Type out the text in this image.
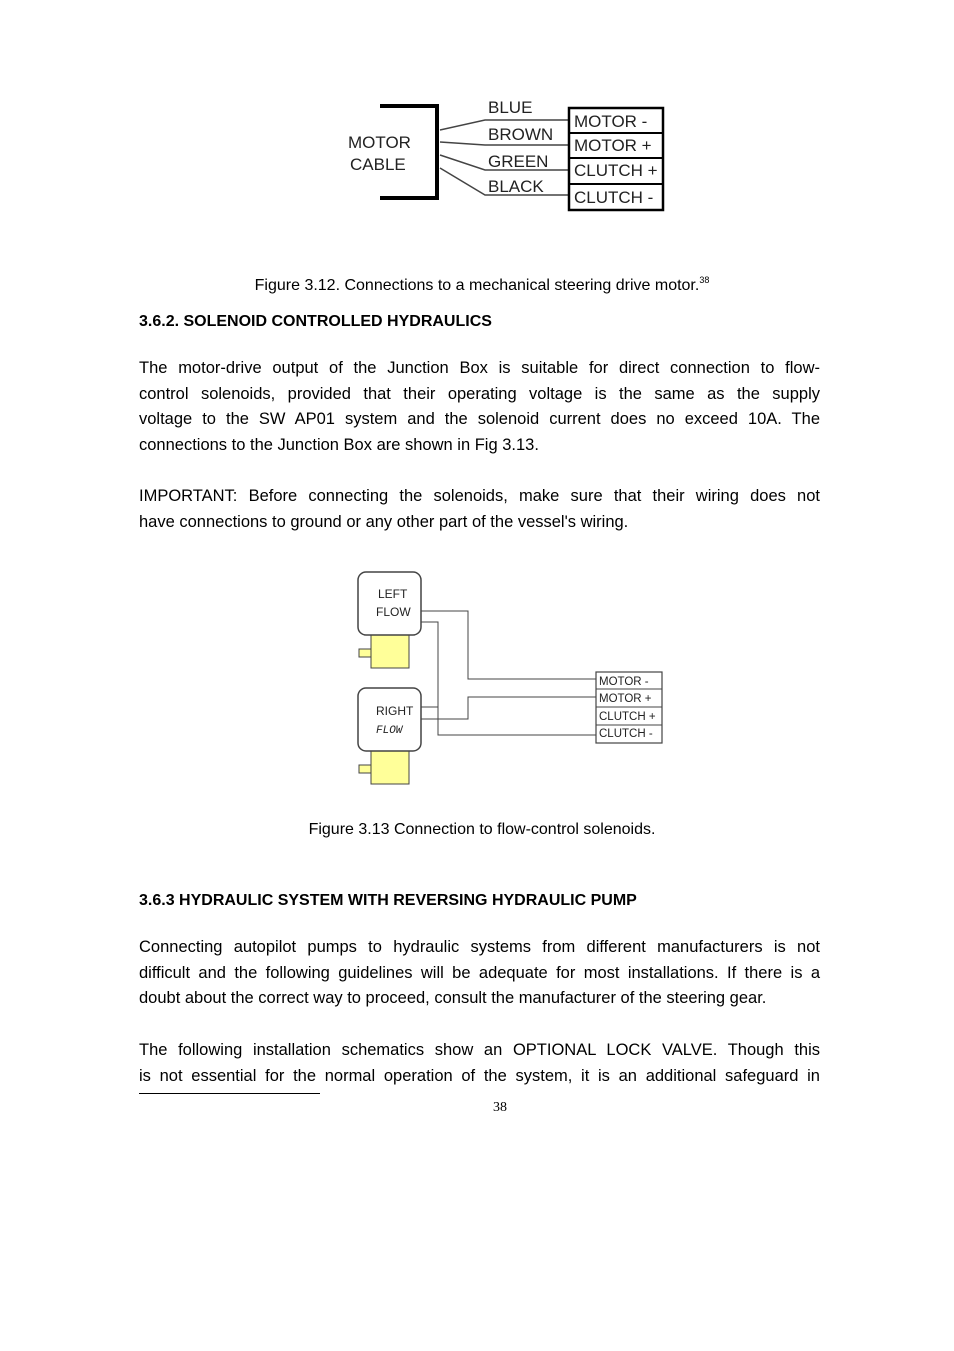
MOTOR
CABLE
BLUE
BROWN
GREEN
BLACK
MOTOR -
MOTOR +
CLUTCH +
CLUTCH -
Figure 3.12. Connections to a mechanical steering drive motor.$^{38}$
3.6.2. SOLENOID CONTROLLED HYDRAULICS
The motor-drive output of the Junction Box is suitable for direct connection to flow-
control solenoids, provided that their operating voltage is the same as the supply
voltage to the SW AP01 system and the solenoid current does no exceed 10A. The
connections to the Junction Box are shown in Fig 3.13.
IMPORTANT: Before connecting the solenoids, make sure that their wiring does not
have connections to ground or any other part of the vessel's wiring.
LEFT
FLOW
RIGHT
FLOW
MOTOR -
MOTOR +
CLUTCH +
CLUTCH -
Figure 3.13 Connection to flow-control solenoids.
3.6.3 HYDRAULIC SYSTEM WITH REVERSING HYDRAULIC PUMP
Connecting autopilot pumps to hydraulic systems from different manufacturers is not
difficult and the following guidelines will be adequate for most installations. If there is a
doubt about the correct way to proceed, consult the manufacturer of the steering gear.
The following installation schematics show an OPTIONAL LOCK VALVE. Though this
is not essential for the normal operation of the system, it is an additional safeguard in
38
